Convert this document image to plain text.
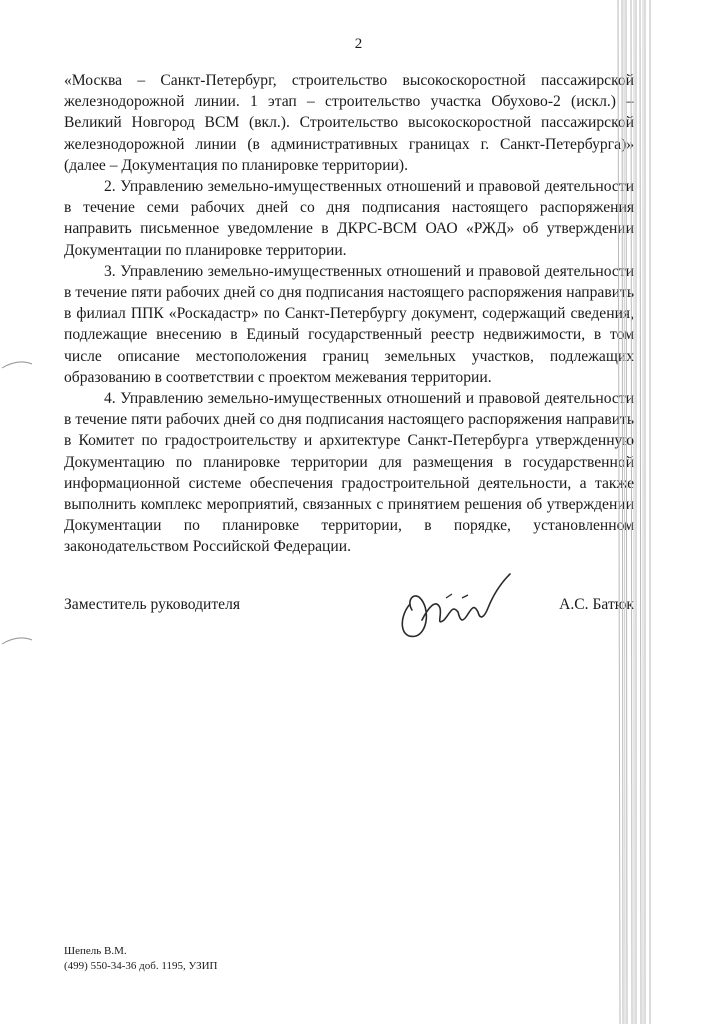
2

«Москва – Санкт-Петербург, строительство высокоскоростной пассажирской железнодорожной линии. 1 этап – строительство участка Обухово-2 (искл.) – Великий Новгород ВСМ (вкл.). Строительство высокоскоростной пассажирской железнодорожной линии (в административных границах г. Санкт-Петербурга)» (далее – Документация по планировке территории).

2. Управлению земельно-имущественных отношений и правовой деятельности в течение семи рабочих дней со дня подписания настоящего распоряжения направить письменное уведомление в ДКРС-ВСМ ОАО «РЖД» об утверждении Документации по планировке территории.

3. Управлению земельно-имущественных отношений и правовой деятельности в течение пяти рабочих дней со дня подписания настоящего распоряжения направить в филиал ППК «Роскадастр» по Санкт-Петербургу документ, содержащий сведения, подлежащие внесению в Единый государственный реестр недвижимости, в том числе описание местоположения границ земельных участков, подлежащих образованию в соответствии с проектом межевания территории.

4. Управлению земельно-имущественных отношений и правовой деятельности в течение пяти рабочих дней со дня подписания настоящего распоряжения направить в Комитет по градостроительству и архитектуре Санкт-Петербурга утвержденную Документацию по планировке территории для размещения в государственной информационной системе обеспечения градостроительной деятельности, а также выполнить комплекс мероприятий, связанных с принятием решения об утверждении Документации по планировке территории, в порядке, установленном законодательством Российской Федерации.

Заместитель руководителя	А.С. Батюк
Шепель В.М.
(499) 550-34-36 доб. 1195, УЗИП
